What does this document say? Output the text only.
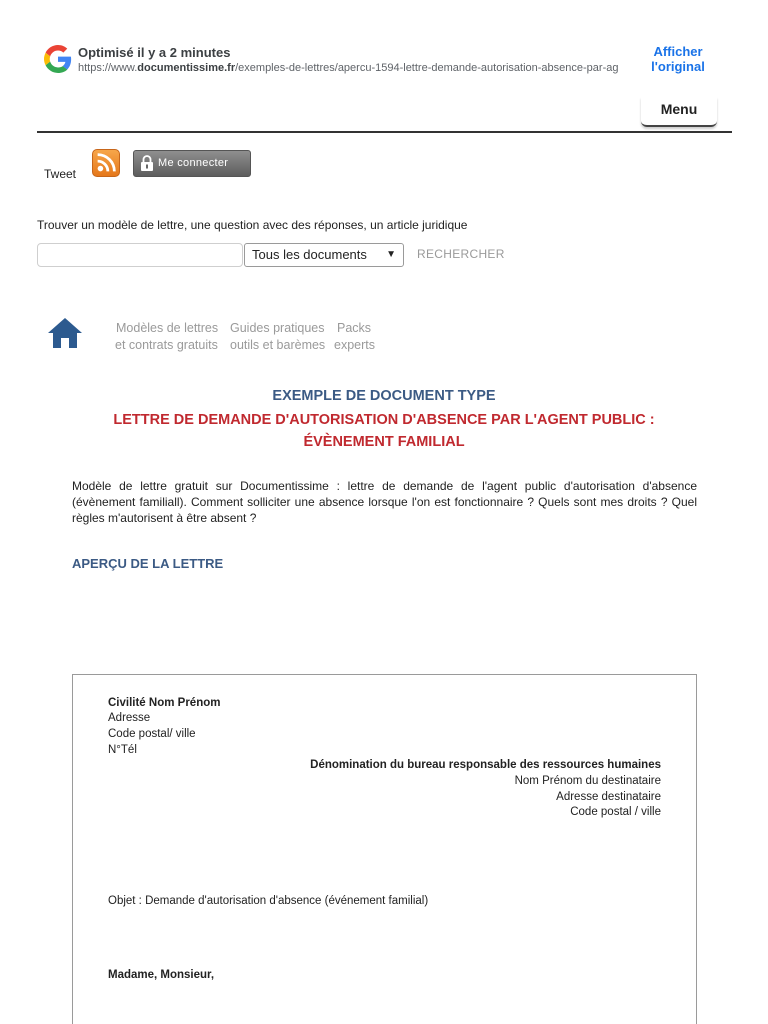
Optimisé il y a 2 minutes
https://www.documentissime.fr/exemples-de-lettres/apercu-1594-lettre-demande-autorisation-absence-par-ag
Afficher
l'original
Menu
Tweet
Me connecter
Trouver un modèle de lettre, une question avec des réponses, un article juridique
Tous les documents ▼ RECHERCHER
Modèles de lettres
et contrats gratuits
Guides pratiques
outils et barèmes
Packs
experts
EXEMPLE DE DOCUMENT TYPE
LETTRE DE DEMANDE D'AUTORISATION D'ABSENCE PAR L'AGENT PUBLIC :
ÉVÈNEMENT FAMILIAL
Modèle de lettre gratuit sur Documentissime : lettre de demande de l'agent public d'autorisation d'absence (évènement familiall). Comment solliciter une absence lorsque l'on est fonctionnaire ? Quels sont mes droits ? Quel règles m'autorisent à être absent ?
APERÇU DE LA LETTRE
Civilité Nom Prénom
Adresse
Code postal/ ville
N°Tél
Dénomination du bureau responsable des ressources humaines
Nom Prénom du destinataire
Adresse destinataire
Code postal / ville
Objet : Demande d'autorisation d'absence (événement familial)
Madame, Monsieur,
